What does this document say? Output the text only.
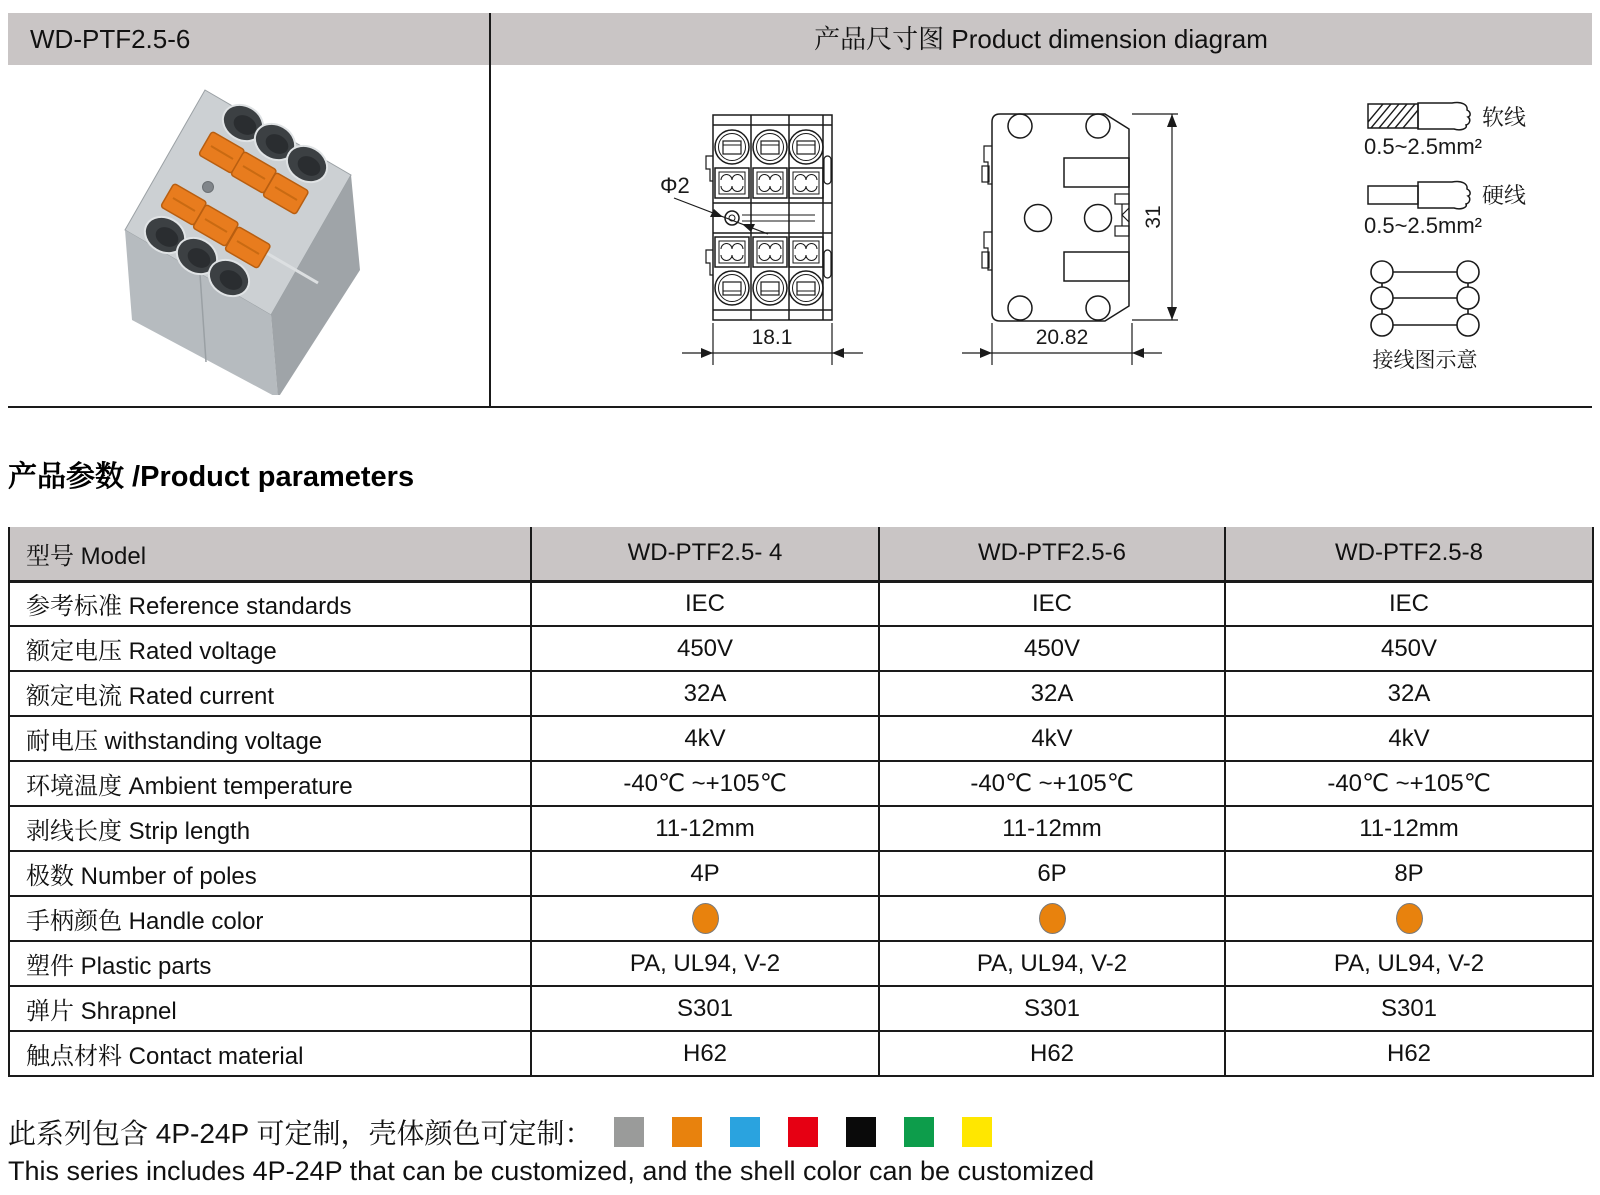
WD-PTF2.5-6	产品尺寸图 Product dimension diagram
Φ2
18.1
31
20.82
软线
0.5~2.5mm²
硬线
0.5~2.5mm²
接线图示意
产品参数 /Product parameters
型号 Model	WD-PTF2.5- 4	WD-PTF2.5-6	WD-PTF2.5-8
参考标准 Reference standards	IEC	IEC	IEC
额定电压 Rated voltage	450V	450V	450V
额定电流 Rated current	32A	32A	32A
耐电压 withstanding voltage	4kV	4kV	4kV
环境温度 Ambient temperature	-40℃ ~+105℃	-40℃ ~+105℃	-40℃ ~+105℃
剥线长度 Strip length	11-12mm	11-12mm	11-12mm
极数 Number of poles	4P	6P	8P
手柄颜色 Handle color			
塑件 Plastic parts	PA, UL94, V-2	PA, UL94, V-2	PA, UL94, V-2
弹片 Shrapnel	S301	S301	S301
触点材料 Contact material	H62	H62	H62
此系列包含 4P-24P 可定制，壳体颜色可定制：
This series includes 4P-24P that can be customized, and the shell color can be customized
